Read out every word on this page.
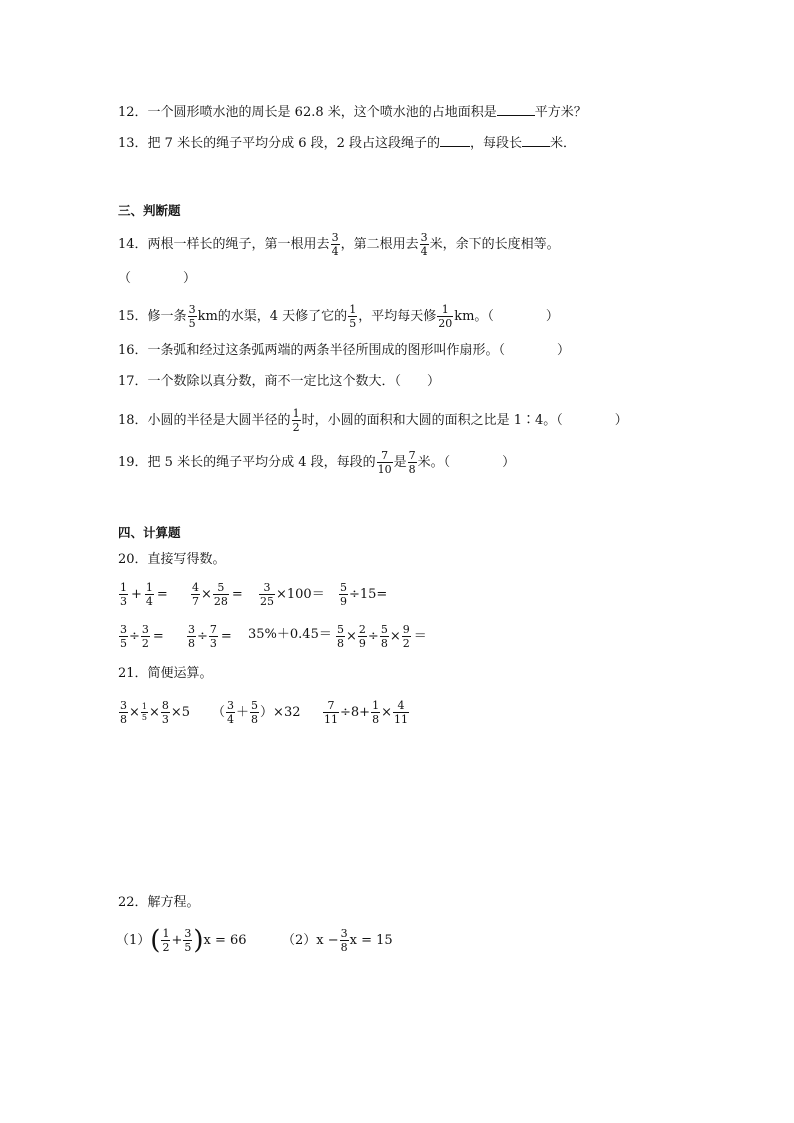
12．一个圆形喷水池的周长是 62.8 米，这个喷水池的占地面积是	平方米？
13．把 7 米长的绳子平均分成 6 段，2 段占这段绳子的 ，每段长 米．
三、判断题
14．两根一样长的绳子，第一根用去 $\frac{3}{4}$ ，第二根用去 $\frac{3}{4}$ 米，余下的长度相等。
（　　　　）
15．修一条 $\frac{3}{5}$ km的水渠，4 天修了它的 $\frac{1}{5}$ ，平均每天修 $\frac{1}{20}$ km。（　　　　）
16．一条弧和经过这条弧两端的两条半径所围成的图形叫作扇形。（　　　　）
17．一个数除以真分数，商不一定比这个数大．（　　）
18．小圆的半径是大圆半径的 $\frac{1}{2}$ 时，小圆的面积和大圆的面积之比是 1∶4。（　　　　）
19．把 5 米长的绳子平均分成 4 段，每段的 $\frac{7}{10}$ 是 $\frac{7}{8}$ 米。（　　　　）
四、计算题
20．直接写得数。
$\frac{1}{3} + \frac{1}{4} = \frac{4}{7} \times \frac{5}{28} = \frac{3}{25} \times 100= \frac{5}{9} \div 15=$
$\frac{3}{5} \div \frac{3}{2} = \frac{3}{8} \div \frac{7}{3} = 35\%+0.45= \frac{5}{8} \times \frac{2}{9} \div \frac{5}{8} \times \frac{9}{2}$ ＝
21．简便运算。
$\frac{3}{8} \times \frac{1}{5} \times \frac{8}{3} \times 5$ （ $\frac{3}{4} + \frac{5}{8} )\times 32 \frac{7}{11} \div 8+ \frac{1}{8} \times \frac{4}{11}$
22．解方程。
$(1)( \frac{1}{2} + \frac{3}{5} )x = 66$	$(2)x - \frac{3}{8}$ x = 15
